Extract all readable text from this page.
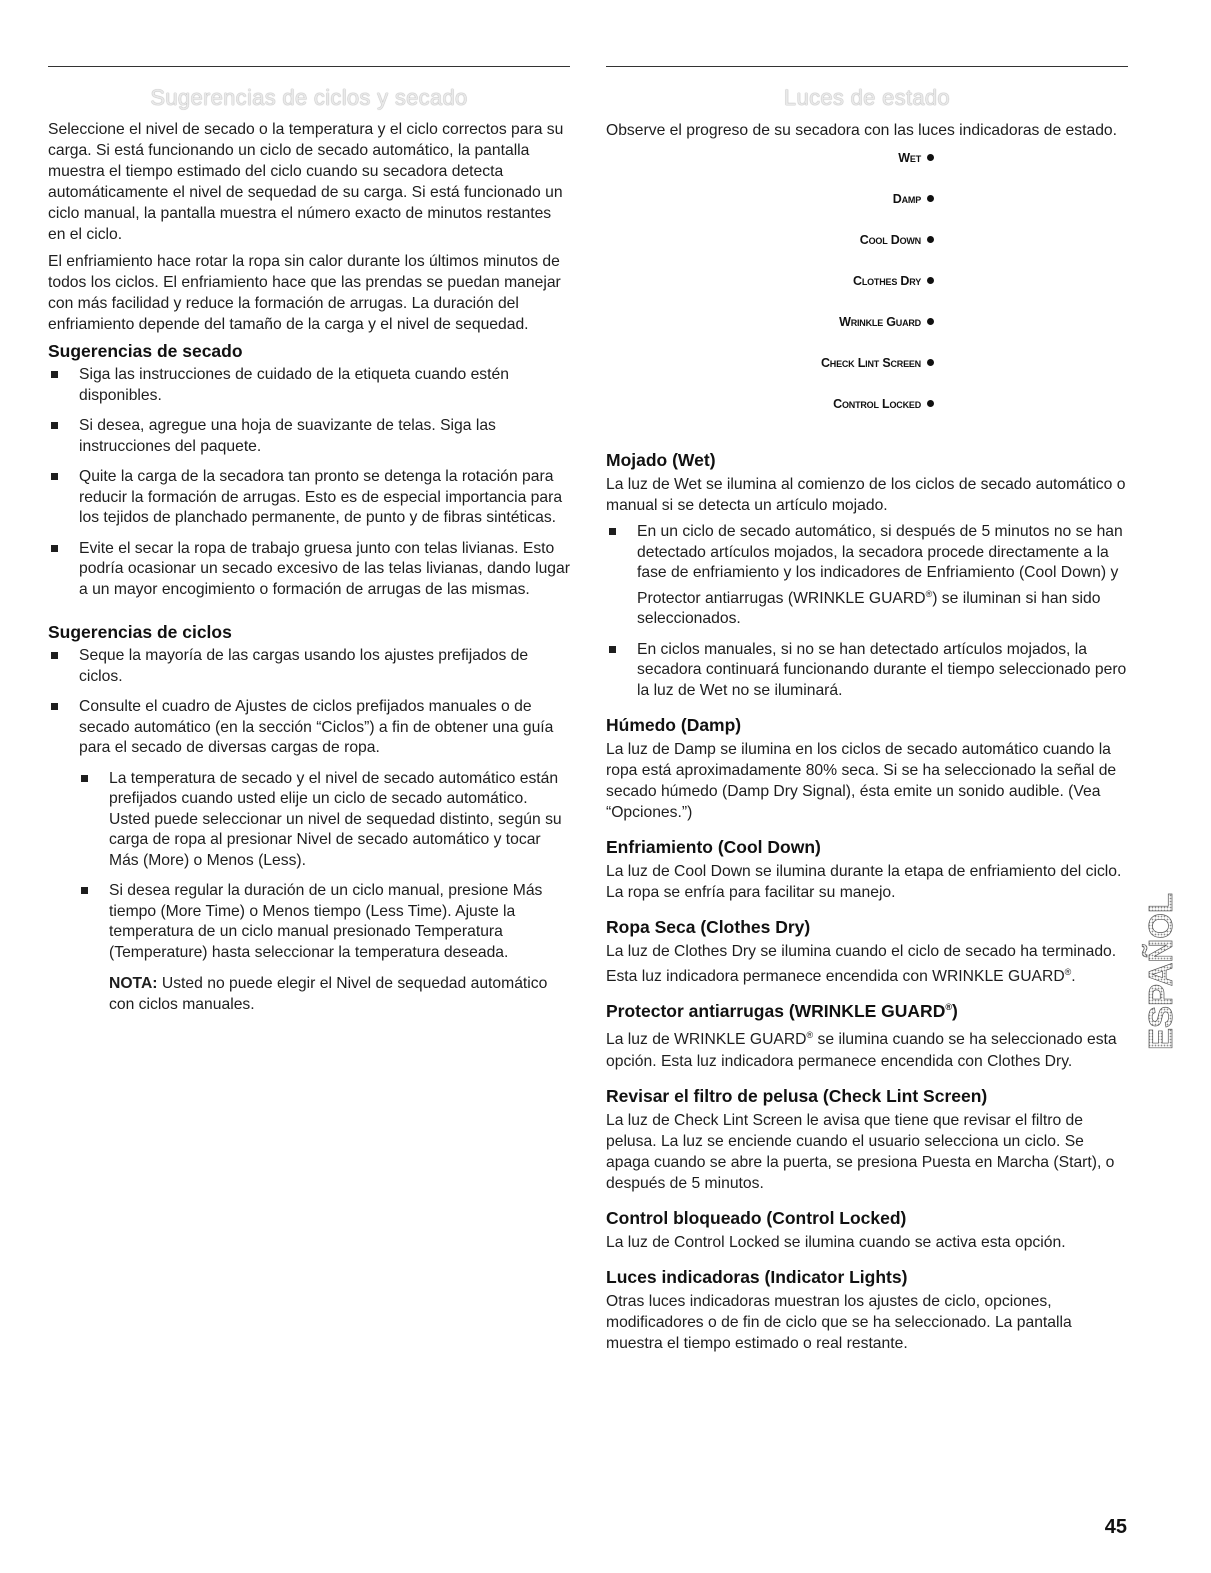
Sugerencias de ciclos y secado

Seleccione el nivel de secado o la temperatura y el ciclo correctos para su carga. Si está funcionando un ciclo de secado automático, la pantalla muestra el tiempo estimado del ciclo cuando su secadora detecta automáticamente el nivel de sequedad de su carga. Si está funcionado un ciclo manual, la pantalla muestra el número exacto de minutos restantes en el ciclo.

El enfriamiento hace rotar la ropa sin calor durante los últimos minutos de todos los ciclos. El enfriamiento hace que las prendas se puedan manejar con más facilidad y reduce la formación de arrugas. La duración del enfriamiento depende del tamaño de la carga y el nivel de sequedad.

Sugerencias de secado
Siga las instrucciones de cuidado de la etiqueta cuando estén disponibles.
Si desea, agregue una hoja de suavizante de telas. Siga las instrucciones del paquete.
Quite la carga de la secadora tan pronto se detenga la rotación para reducir la formación de arrugas. Esto es de especial importancia para los tejidos de planchado permanente, de punto y de fibras sintéticas.
Evite el secar la ropa de trabajo gruesa junto con telas livianas. Esto podría ocasionar un secado excesivo de las telas livianas, dando lugar a un mayor encogimiento o formación de arrugas de las mismas.
Sugerencias de ciclos
Seque la mayoría de las cargas usando los ajustes prefijados de ciclos.
Consulte el cuadro de Ajustes de ciclos prefijados manuales o de secado automático (en la sección “Ciclos”) a fin de obtener una guía para el secado de diversas cargas de ropa.
La temperatura de secado y el nivel de secado automático están prefijados cuando usted elije un ciclo de secado automático. Usted puede seleccionar un nivel de sequedad distinto, según su carga de ropa al presionar Nivel de secado automático y tocar Más (More) o Menos (Less).
Si desea regular la duración de un ciclo manual, presione Más tiempo (More Time) o Menos tiempo (Less Time). Ajuste la temperatura de un ciclo manual presionado Temperatura (Temperature) hasta seleccionar la temperatura deseada.

NOTA: Usted no puede elegir el Nivel de sequedad automático con ciclos manuales.

Luces de estado

Observe el progreso de su secadora con las luces indicadoras de estado.

Wet
Damp
Cool Down
Clothes Dry
Wrinkle Guard
Check Lint Screen
Control Locked
Mojado (Wet)

La luz de Wet se ilumina al comienzo de los ciclos de secado automático o manual si se detecta un artículo mojado.

En un ciclo de secado automático, si después de 5 minutos no se han detectado artículos mojados, la secadora procede directamente a la fase de enfriamiento y los indicadores de Enfriamiento (Cool Down) y Protector antiarrugas (WRINKLE GUARD®) se iluminan si han sido seleccionados.
En ciclos manuales, si no se han detectado artículos mojados, la secadora continuará funcionando durante el tiempo seleccionado pero la luz de Wet no se iluminará.
Húmedo (Damp)

La luz de Damp se ilumina en los ciclos de secado automático cuando la ropa está aproximadamente 80% seca. Si se ha seleccionado la señal de secado húmedo (Damp Dry Signal), ésta emite un sonido audible. (Vea “Opciones.”)

Enfriamiento (Cool Down)

La luz de Cool Down se ilumina durante la etapa de enfriamiento del ciclo. La ropa se enfría para facilitar su manejo.

Ropa Seca (Clothes Dry)

La luz de Clothes Dry se ilumina cuando el ciclo de secado ha terminado. Esta luz indicadora permanece encendida con WRINKLE GUARD®.

Protector antiarrugas (WRINKLE GUARD®)

La luz de WRINKLE GUARD® se ilumina cuando se ha seleccionado esta opción. Esta luz indicadora permanece encendida con Clothes Dry.

Revisar el filtro de pelusa (Check Lint Screen)

La luz de Check Lint Screen le avisa que tiene que revisar el filtro de pelusa. La luz se enciende cuando el usuario selecciona un ciclo. Se apaga cuando se abre la puerta, se presiona Puesta en Marcha (Start), o después de 5 minutos.

Control bloqueado (Control Locked)

La luz de Control Locked se ilumina cuando se activa esta opción.

Luces indicadoras (Indicator Lights)

Otras luces indicadoras muestran los ajustes de ciclo, opciones, modificadores o de fin de ciclo que se ha seleccionado. La pantalla muestra el tiempo estimado o real restante.

ESPAÑOL
45
